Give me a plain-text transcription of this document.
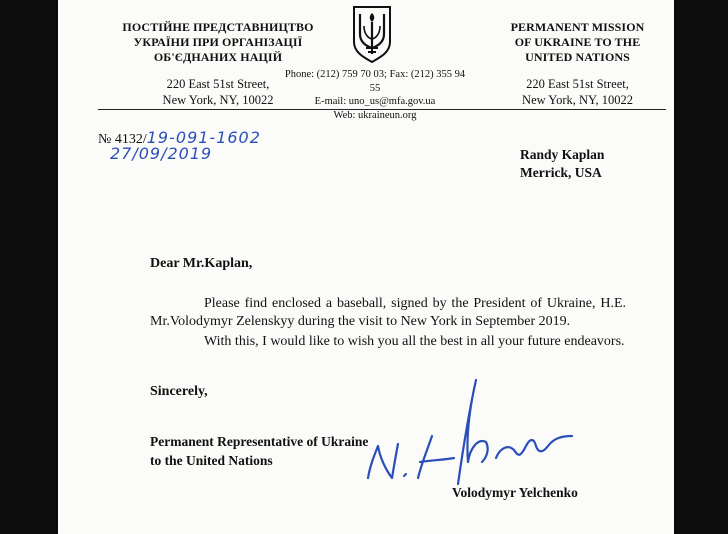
ПОСТІЙНЕ ПРЕДСТАВНИЦТВО
УКРАЇНИ ПРИ ОРГАНІЗАЦІЇ
ОБ'ЄДНАНИХ НАЦІЙ
220 East 51st Street,
New York, NY, 10022
Phone: (212) 759 70 03; Fax: (212) 355 94 55
E-mail: uno_us@mfa.gov.ua
Web: ukraineun.org
PERMANENT MISSION
OF UKRAINE TO THE
UNITED NATIONS
220 East 51st Street,
New York, NY, 10022
№ 4132/19-091-1602
27/09/2019	Randy Kaplan
Merrick, USA
Dear Mr.Kaplan,
Please find enclosed a baseball, signed by the President of Ukraine, H.E. Mr.Volodymyr Zelenskyy during the visit to New York in September 2019.
With this, I would like to wish you all the best in all your future endeavors.
Sincerely,
Permanent Representative of Ukraine
to the United Nations
Volodymyr Yelchenko
